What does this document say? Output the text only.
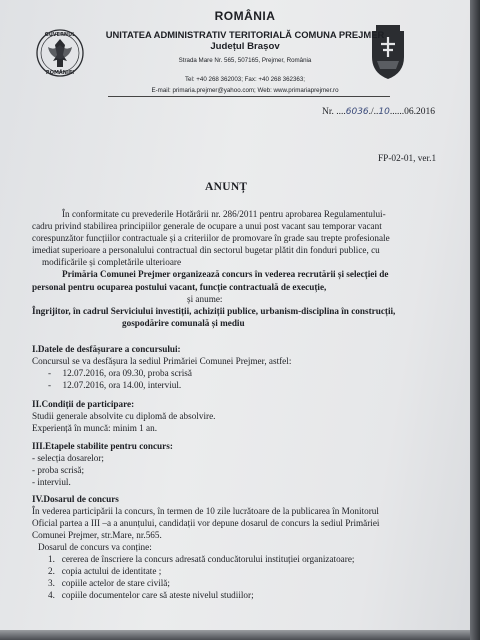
GUVERNUL
ROMÂNIEI
ROMÂNIA
UNITATEA ADMINISTRATIV TERITORIALĂ COMUNA PREJMER
Județul Brașov
Strada Mare Nr. 565, 507165, Prejmer, România
Tel: +40 268 362003; Fax: +40 268 362363;
E-mail: primaria.prejmer@yahoo.com; Web: www.primariaprejmer.ro
Nr. ....6036./..10......06.2016
FP-02-01, ver.1
ANUNȚ
În conformitate cu prevederile Hotărârii nr. 286/2011 pentru aprobarea Regulamentului-
cadru privind stabilirea principiilor generale de ocupare a unui post vacant sau temporar vacant
corespunzător funcțiilor contractuale și a criteriilor de promovare în grade sau trepte profesionale
imediat superioare a personalului contractual din sectorul bugetar plătit din fonduri publice, cu
modificările și completările ulterioare
Primăria Comunei Prejmer organizează concurs în vederea recrutării și selecției de
personal pentru ocuparea postului vacant, funcție contractuală de execuție,
și anume:
Îngrijitor, în cadrul Serviciului investiții, achiziții publice, urbanism-disciplina în construcții,
gospodărire comunală și mediu
I.Datele de desfășurare a concursului:
Concursul se va desfășura la sediul Primăriei Comunei Prejmer, astfel:
-     12.07.2016, ora 09.30, proba scrisă
-     12.07.2016, ora 14.00, interviul.
II.Condiții de participare:
Studii generale absolvite cu diplomă de absolvire.
Experiență în muncă: minim 1 an.
III.Etapele stabilite pentru concurs:
- selecția dosarelor;
- proba scrisă;
- interviul.
IV.Dosarul de concurs
În vederea participării la concurs, în termen de 10 zile lucrătoare de la publicarea în Monitorul
Oficial partea a III –a a anunțului, candidații vor depune dosarul de concurs la sediul Primăriei
Comunei Prejmer, str.Mare, nr.565.
Dosarul de concurs va conține:
1.   cererea de înscriere la concurs adresată conducătorului instituției organizatoare;
2.   copia actului de identitate ;
3.   copiile actelor de stare civilă;
4.   copiile documentelor care să ateste nivelul studiilor;
